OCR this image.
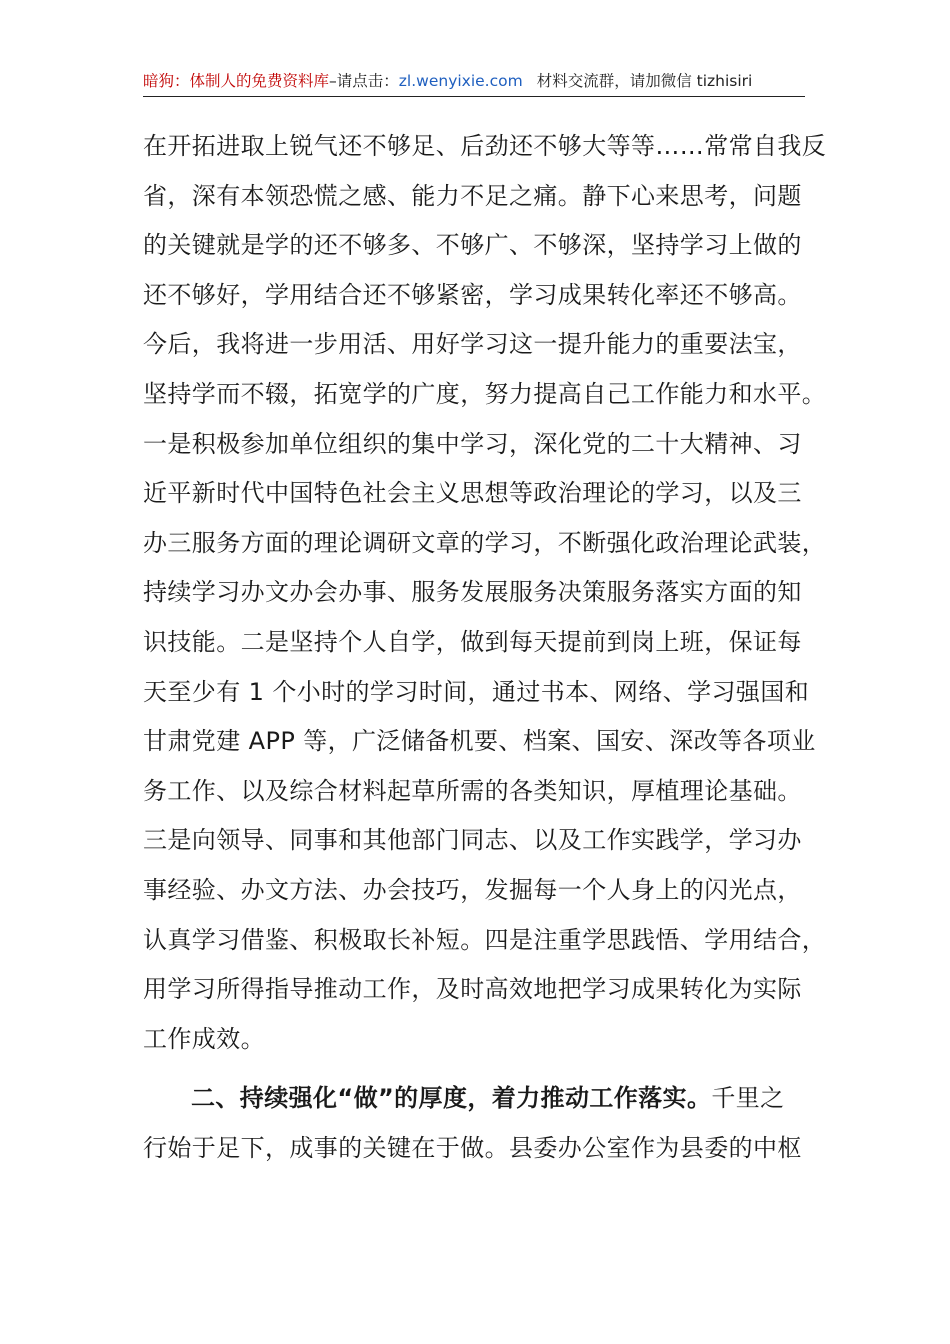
暗狗：体制人的免费资料库–请点击：zl.wenyixie.com 材料交流群，请加微信 tizhisiri
在开拓进取上锐气还不够足、后劲还不够大等等……常常自我反
省，深有本领恐慌之感、能力不足之痛。静下心来思考，问题
的关键就是学的还不够多、不够广、不够深，坚持学习上做的
还不够好，学用结合还不够紧密，学习成果转化率还不够高。
今后，我将进一步用活、用好学习这一提升能力的重要法宝，
坚持学而不辍，拓宽学的广度，努力提高自己工作能力和水平。
一是积极参加单位组织的集中学习，深化党的二十大精神、习
近平新时代中国特色社会主义思想等政治理论的学习，以及三
办三服务方面的理论调研文章的学习，不断强化政治理论武装，
持续学习办文办会办事、服务发展服务决策服务落实方面的知
识技能。二是坚持个人自学，做到每天提前到岗上班，保证每
天至少有 1 个小时的学习时间，通过书本、网络、学习强国和
甘肃党建 APP 等，广泛储备机要、档案、国安、深改等各项业
务工作、以及综合材料起草所需的各类知识，厚植理论基础。
三是向领导、同事和其他部门同志、以及工作实践学，学习办
事经验、办文方法、办会技巧，发掘每一个人身上的闪光点，
认真学习借鉴、积极取长补短。四是注重学思践悟、学用结合，
用学习所得指导推动工作，及时高效地把学习成果转化为实际
工作成效。
二、持续强化“做”的厚度，着力推动工作落实。千里之
行始于足下，成事的关键在于做。县委办公室作为县委的中枢
